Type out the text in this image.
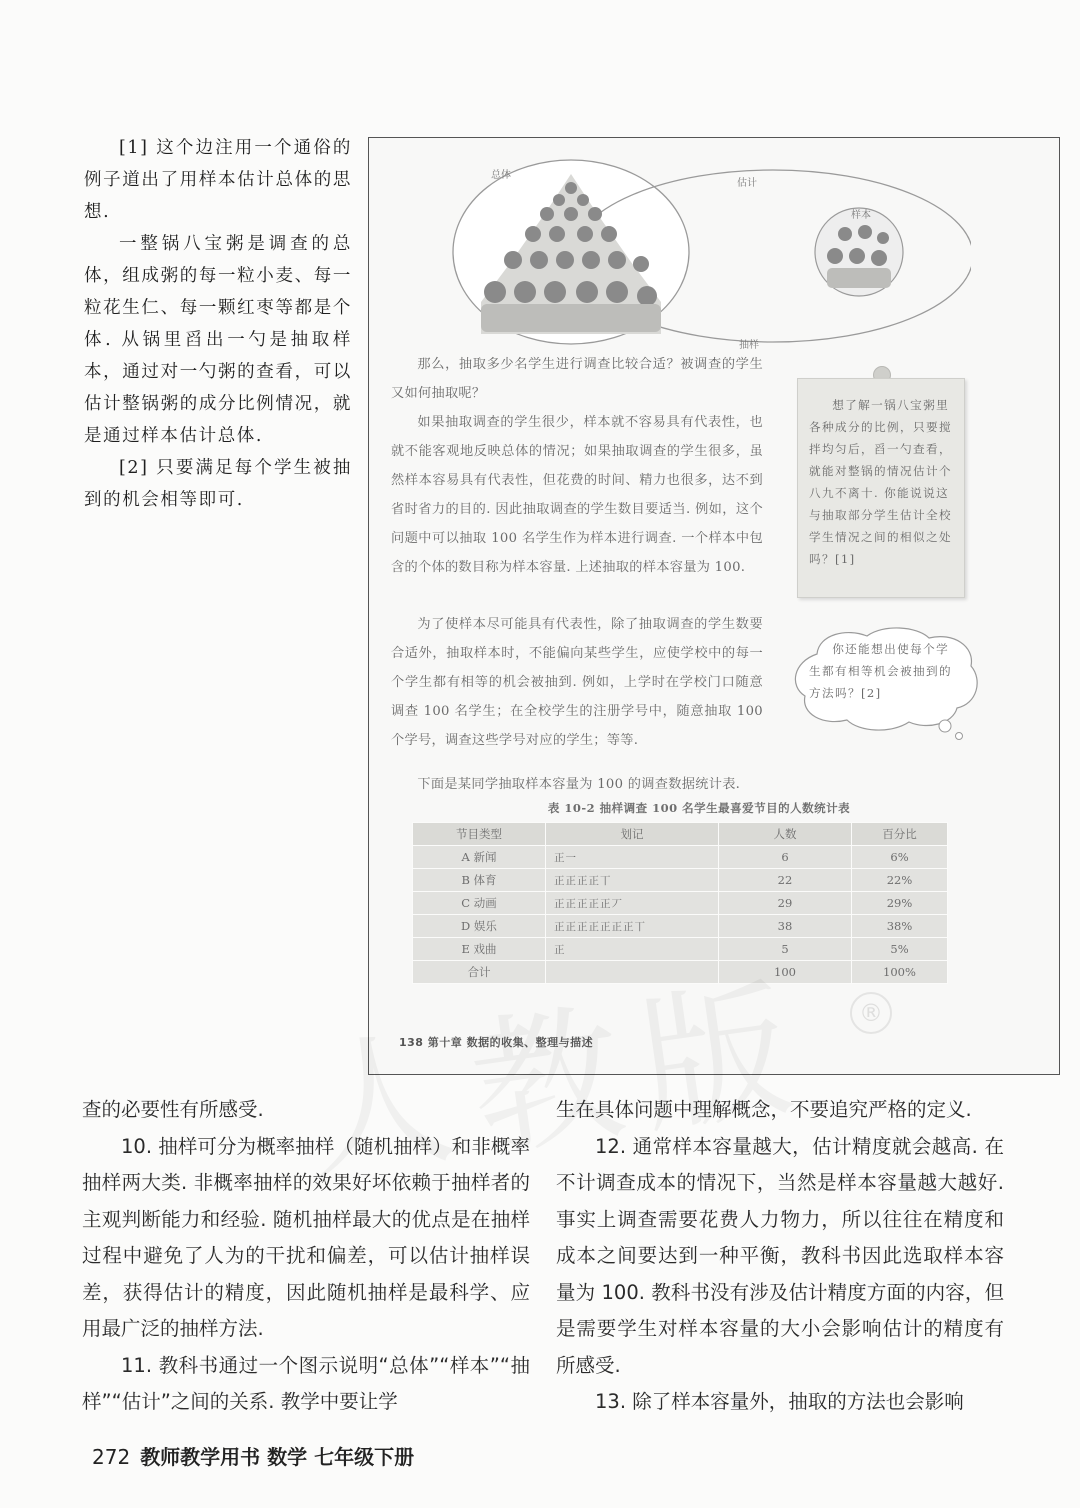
[1] 这个边注用一个通俗的例子道出了用样本估计总体的思想.

一整锅八宝粥是调查的总体，组成粥的每一粒小麦、每一粒花生仁、每一颗红枣等都是个体. 从锅里舀出一勺是抽取样本，通过对一勺粥的查看，可以估计整锅粥的成分比例情况，就是通过样本估计总体.

[2] 只要满足每个学生被抽到的机会相等即可.

总体
估计
样本
抽样

那么，抽取多少名学生进行调查比较合适？被调查的学生又如何抽取呢？

如果抽取调查的学生很少，样本就不容易具有代表性，也就不能客观地反映总体的情况；如果抽取调查的学生很多，虽然样本容易具有代表性，但花费的时间、精力也很多，达不到省时省力的目的. 因此抽取调查的学生数目要适当. 例如，这个问题中可以抽取 100 名学生作为样本进行调查. 一个样本中包含的个体的数目称为样本容量. 上述抽取的样本容量为 100.

想了解一锅八宝粥里各种成分的比例，只要搅拌均匀后，舀一勺查看，就能对整锅的情况估计个八九不离十. 你能说说这与抽取部分学生估计全校学生情况之间的相似之处吗？[1]

为了使样本尽可能具有代表性，除了抽取调查的学生数要合适外，抽取样本时，不能偏向某些学生，应使学校中的每一个学生都有相等的机会被抽到. 例如，上学时在学校门口随意调查 100 名学生；在全校学生的注册学号中，随意抽取 100 个学号，调查这些学号对应的学生；等等.

你还能想出使每个学生都有相等机会被抽到的方法吗？[2]

下面是某同学抽取样本容量为 100 的调查数据统计表.

表 10-2 抽样调查 100 名学生最喜爱节目的人数统计表
节目类型	划记	人数	百分比
A 新闻	正一	6	6%
B 体育	正正正正丅	22	22%
C 动画	正正正正正丆	29	29%
D 娱乐	正正正正正正正丅	38	38%
E 戏曲	正	5	5%
合计		100	100%
138 第十章 数据的收集、整理与描述
®

查的必要性有所感受.

10. 抽样可分为概率抽样（随机抽样）和非概率抽样两大类. 非概率抽样的效果好坏依赖于抽样者的主观判断能力和经验. 随机抽样最大的优点是在抽样过程中避免了人为的干扰和偏差，可以估计抽样误差，获得估计的精度，因此随机抽样是最科学、应用最广泛的抽样方法.

11. 教科书通过一个图示说明“总体”“样本”“抽样”“估计”之间的关系. 教学中要让学

生在具体问题中理解概念，不要追究严格的定义.

12. 通常样本容量越大，估计精度就会越高. 在不计调查成本的情况下，当然是样本容量越大越好. 事实上调查需要花费人力物力，所以往往在精度和成本之间要达到一种平衡，教科书因此选取样本容量为 100. 教科书没有涉及估计精度方面的内容，但是需要学生对样本容量的大小会影响估计的精度有所感受.

13. 除了样本容量外，抽取的方法也会影响

272 教师教学用书 数学 七年级下册
